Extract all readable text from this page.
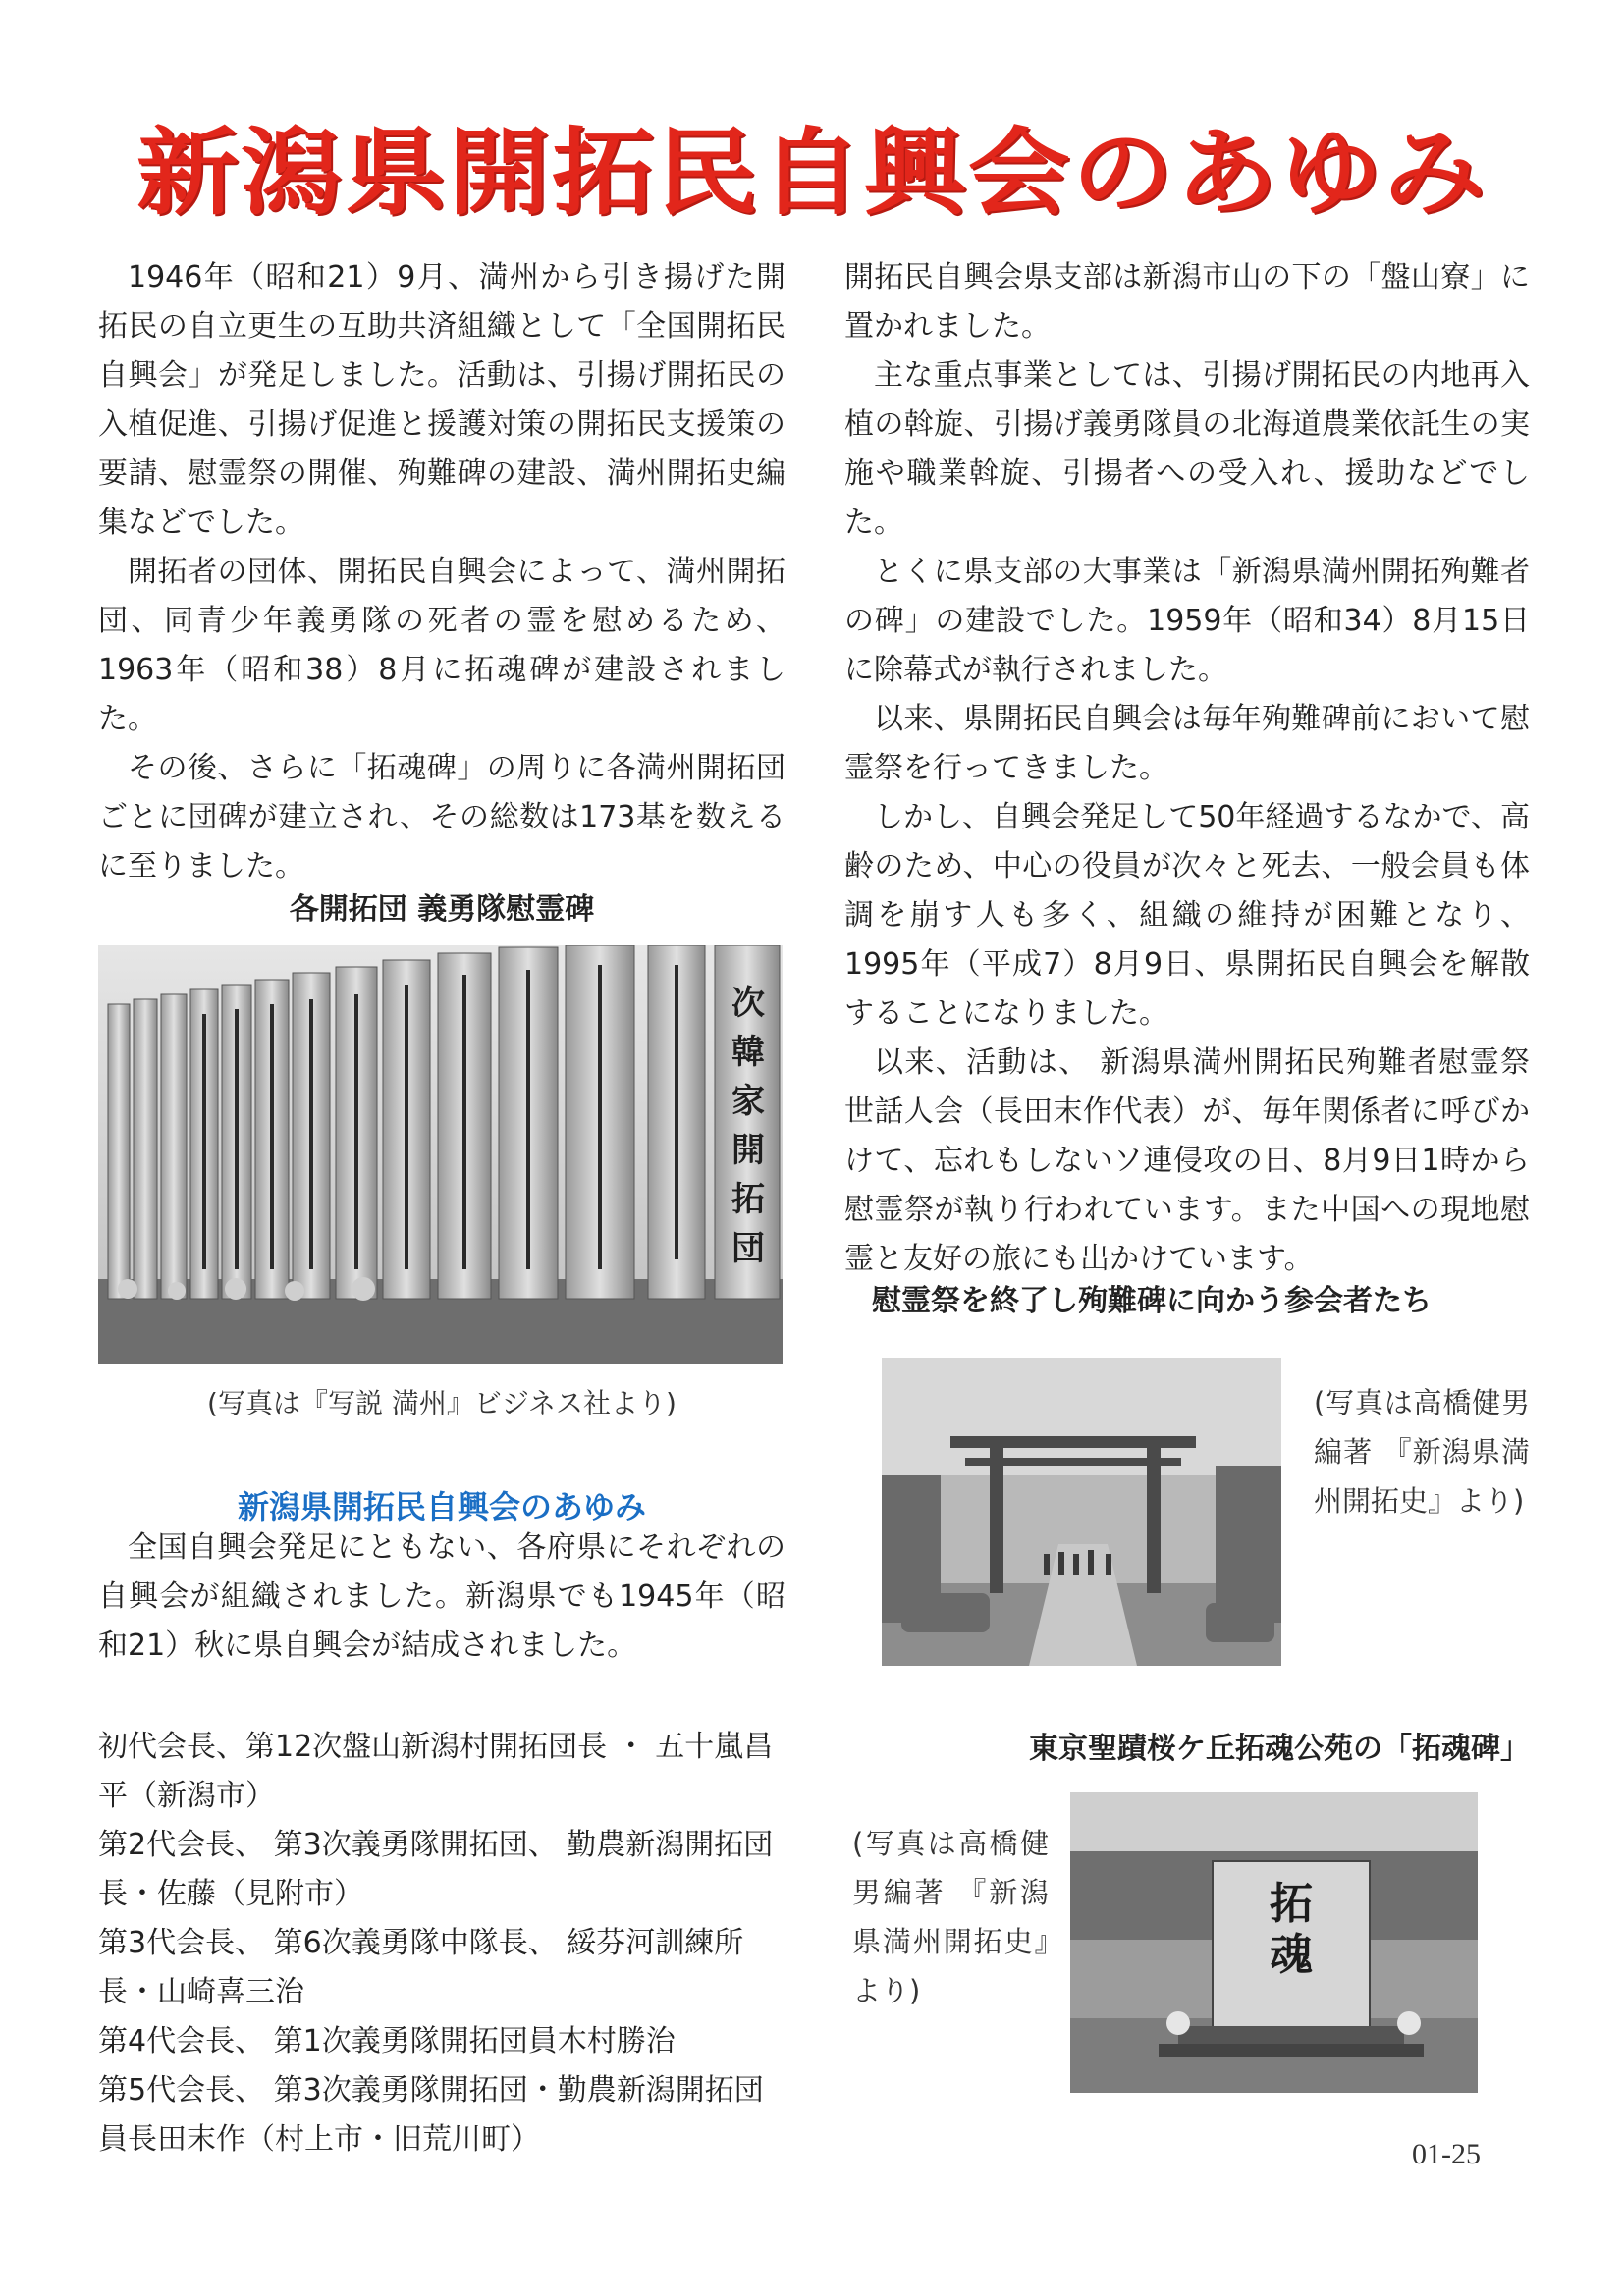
新潟県開拓民自興会のあゆみ

1946年（昭和21）9月、満州から引き揚げた開拓民の自立更生の互助共済組織として「全国開拓民自興会」が発足しました。活動は、引揚げ開拓民の入植促進、引揚げ促進と援護対策の開拓民支援策の要請、慰霊祭の開催、殉難碑の建設、満州開拓史編集などでした。

開拓者の団体、開拓民自興会によって、満州開拓団、同青少年義勇隊の死者の霊を慰めるため、1963年（昭和38）8月に拓魂碑が建設されました。

その後、さらに「拓魂碑」の周りに各満州開拓団ごとに団碑が建立され、その総数は173基を数えるに至りました。

各開拓団 義勇隊慰霊碑
次
韓
家
開
拓
団
(写真は『写説 満州』ビジネス社より)
新潟県開拓民自興会のあゆみ

全国自興会発足にともない、各府県にそれぞれの自興会が組織されました。新潟県でも1945年（昭和21）秋に県自興会が結成されました。

初代会長、第12次盤山新潟村開拓団長 ・ 五十嵐昌平（新潟市）

第2代会長、 第3次義勇隊開拓団、 勤農新潟開拓団長・佐藤（見附市）

第3代会長、 第6次義勇隊中隊長、 綏芬河訓練所長・山崎喜三治

第4代会長、 第1次義勇隊開拓団員木村勝治

第5代会長、 第3次義勇隊開拓団・勤農新潟開拓団員長田末作（村上市・旧荒川町）

開拓民自興会県支部は新潟市山の下の「盤山寮」に置かれました。

主な重点事業としては、引揚げ開拓民の内地再入植の斡旋、引揚げ義勇隊員の北海道農業依託生の実施や職業斡旋、引揚者への受入れ、援助などでした。

とくに県支部の大事業は「新潟県満州開拓殉難者の碑」の建設でした。1959年（昭和34）8月15日に除幕式が執行されました。

以来、県開拓民自興会は毎年殉難碑前において慰霊祭を行ってきました。

しかし、自興会発足して50年経過するなかで、高齢のため、中心の役員が次々と死去、一般会員も体調を崩す人も多く、組織の維持が困難となり、 1995年（平成7）8月9日、県開拓民自興会を解散することになりました。

以来、活動は、 新潟県満州開拓民殉難者慰霊祭世話人会（長田末作代表）が、毎年関係者に呼びかけて、忘れもしないソ連侵攻の日、8月9日1時から慰霊祭が執り行われています。また中国への現地慰霊と友好の旅にも出かけています。

慰霊祭を終了し殉難碑に向かう参会者たち
(写真は高橋健男編著 『新潟県満州開拓史』より)
東京聖蹟桜ケ丘拓魂公苑の「拓魂碑」
(写真は高橋健男編著 『新潟県満州開拓史』より)
拓
魂
01-25
